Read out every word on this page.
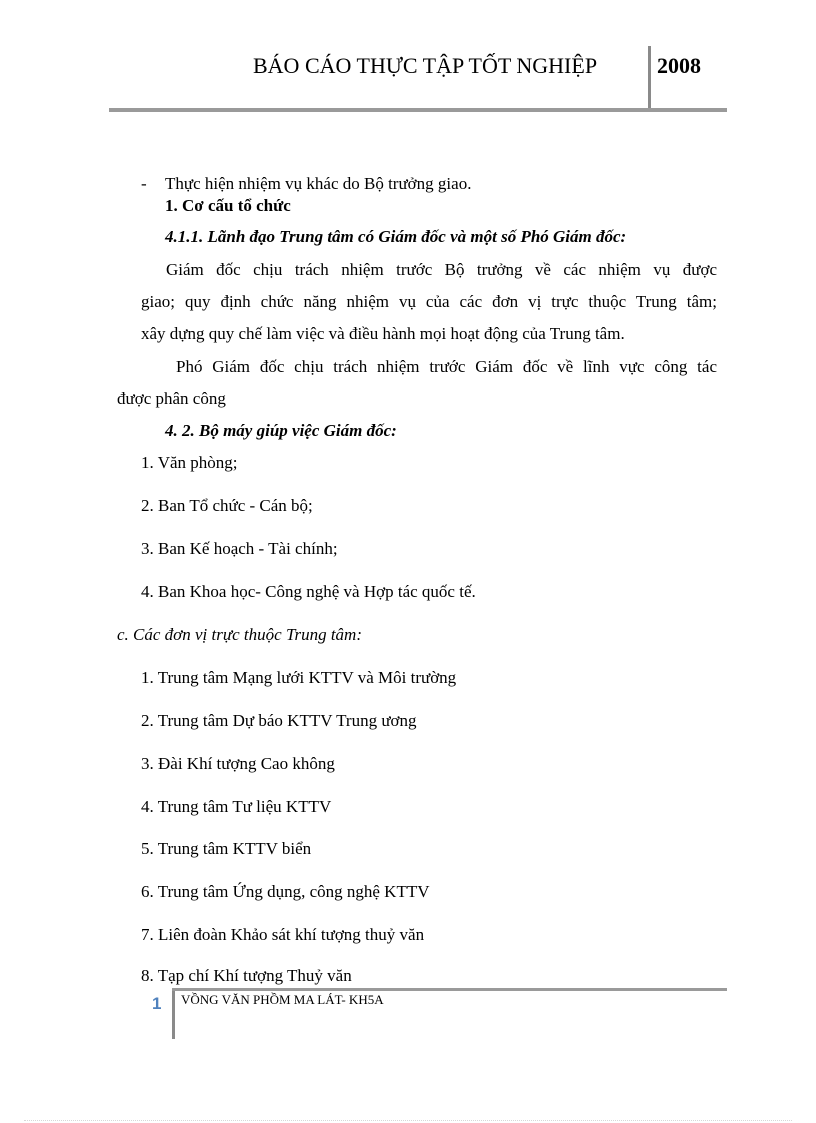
BÁO CÁO THỰC TẬP TỐT NGHIỆP	2008
- Thực hiện nhiệm vụ khác do Bộ trưởng giao.
1. Cơ cấu tổ chức
4.1.1. Lãnh đạo Trung tâm có Giám đốc và một số Phó Giám đốc:
Giám đốc chịu trách nhiệm trước Bộ trưởng về các nhiệm vụ được
giao; quy định chức năng nhiệm vụ của các đơn vị trực thuộc Trung tâm;
xây dựng quy chế làm việc và điều hành mọi hoạt động của Trung tâm.
Phó Giám đốc chịu trách nhiệm trước Giám đốc về lĩnh vực công tác
được phân công
4. 2. Bộ máy giúp việc Giám đốc:
1. Văn phòng;
2. Ban Tổ chức - Cán bộ;
3. Ban Kế hoạch - Tài chính;
4. Ban Khoa học- Công nghệ và Hợp tác quốc tế.
c. Các đơn vị trực thuộc Trung tâm:
1. Trung tâm Mạng lưới KTTV và Môi trường
2. Trung tâm Dự báo KTTV Trung ương
3. Đài Khí tượng Cao không
4. Trung tâm Tư liệu KTTV
5. Trung tâm KTTV biển
6. Trung tâm Ứng dụng, công nghệ KTTV
7. Liên đoàn Khảo sát khí tượng thuỷ văn
8. Tạp chí Khí tượng Thuỷ văn
1 VỒNG VĂN PHỒM MA LÁT- KH5A
